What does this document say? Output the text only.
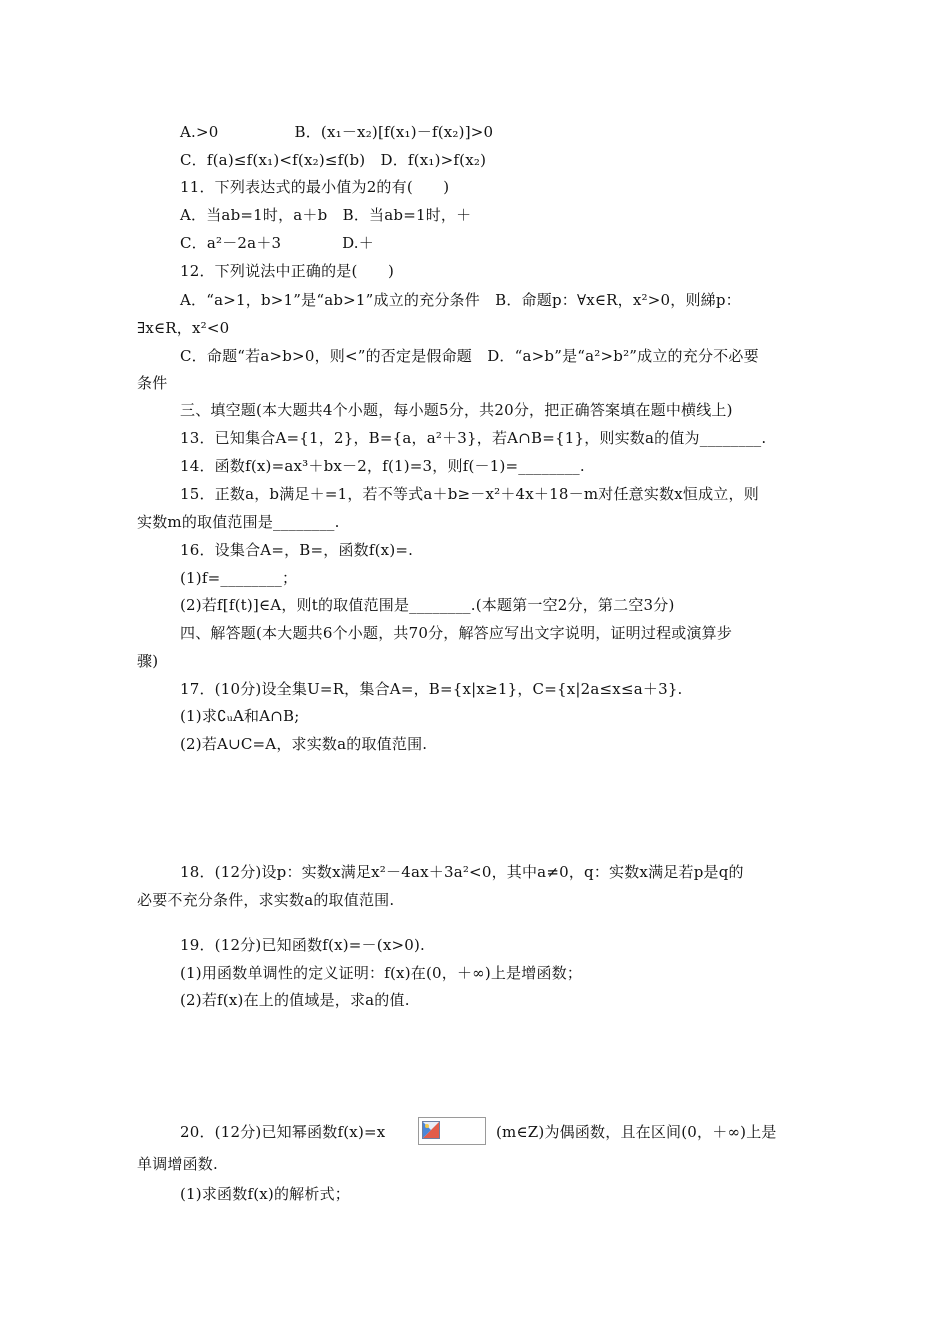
A.>0　　　　　B．(x₁－x₂)[f(x₁)－f(x₂)]>0
C．f(a)≤f(x₁)<f(x₂)≤f(b)　D．f(x₁)>f(x₂)
11．下列表达式的最小值为2的有(　　)
A．当ab=1时，a＋b　B．当ab=1时，＋
C．a²－2a＋3　　　　D.＋
12．下列说法中正确的是(　　)
A．“a>1，b>1”是“ab>1”成立的充分条件　B．命题p：∀x∈R，x²>0，则綈p：
∃x∈R，x²<0
C．命题“若a>b>0，则<”的否定是假命题　D．“a>b”是“a²>b²”成立的充分不必要
条件
三、填空题(本大题共4个小题，每小题5分，共20分，把正确答案填在题中横线上)
13．已知集合A={1，2}，B={a，a²＋3}，若A∩B={1}，则实数a的值为________.
14．函数f(x)=ax³＋bx－2，f(1)=3，则f(－1)=________.
15．正数a，b满足＋=1，若不等式a＋b≥－x²＋4x＋18－m对任意实数x恒成立，则
实数m的取值范围是________.
16．设集合A=，B=，函数f(x)=.
(1)f=________；
(2)若f[f(t)]∈A，则t的取值范围是________.(本题第一空2分，第二空3分)
四、解答题(本大题共6个小题，共70分，解答应写出文字说明，证明过程或演算步
骤)
17．(10分)设全集U=R，集合A=，B={x|x≥1}，C={x|2a≤x≤a＋3}.
(1)求∁ᵤA和A∩B;
(2)若A∪C=A，求实数a的取值范围.
18．(12分)设p：实数x满足x²－4ax＋3a²<0，其中a≠0，q：实数x满足若p是q的
必要不充分条件，求实数a的取值范围.
19．(12分)已知函数f(x)=－(x>0).
(1)用函数单调性的定义证明：f(x)在(0，＋∞)上是增函数；
(2)若f(x)在上的值域是，求a的值.
20．(12分)已知幂函数f(x)=x	(m∈Z)为偶函数，且在区间(0，＋∞)上是
单调增函数.
(1)求函数f(x)的解析式；
